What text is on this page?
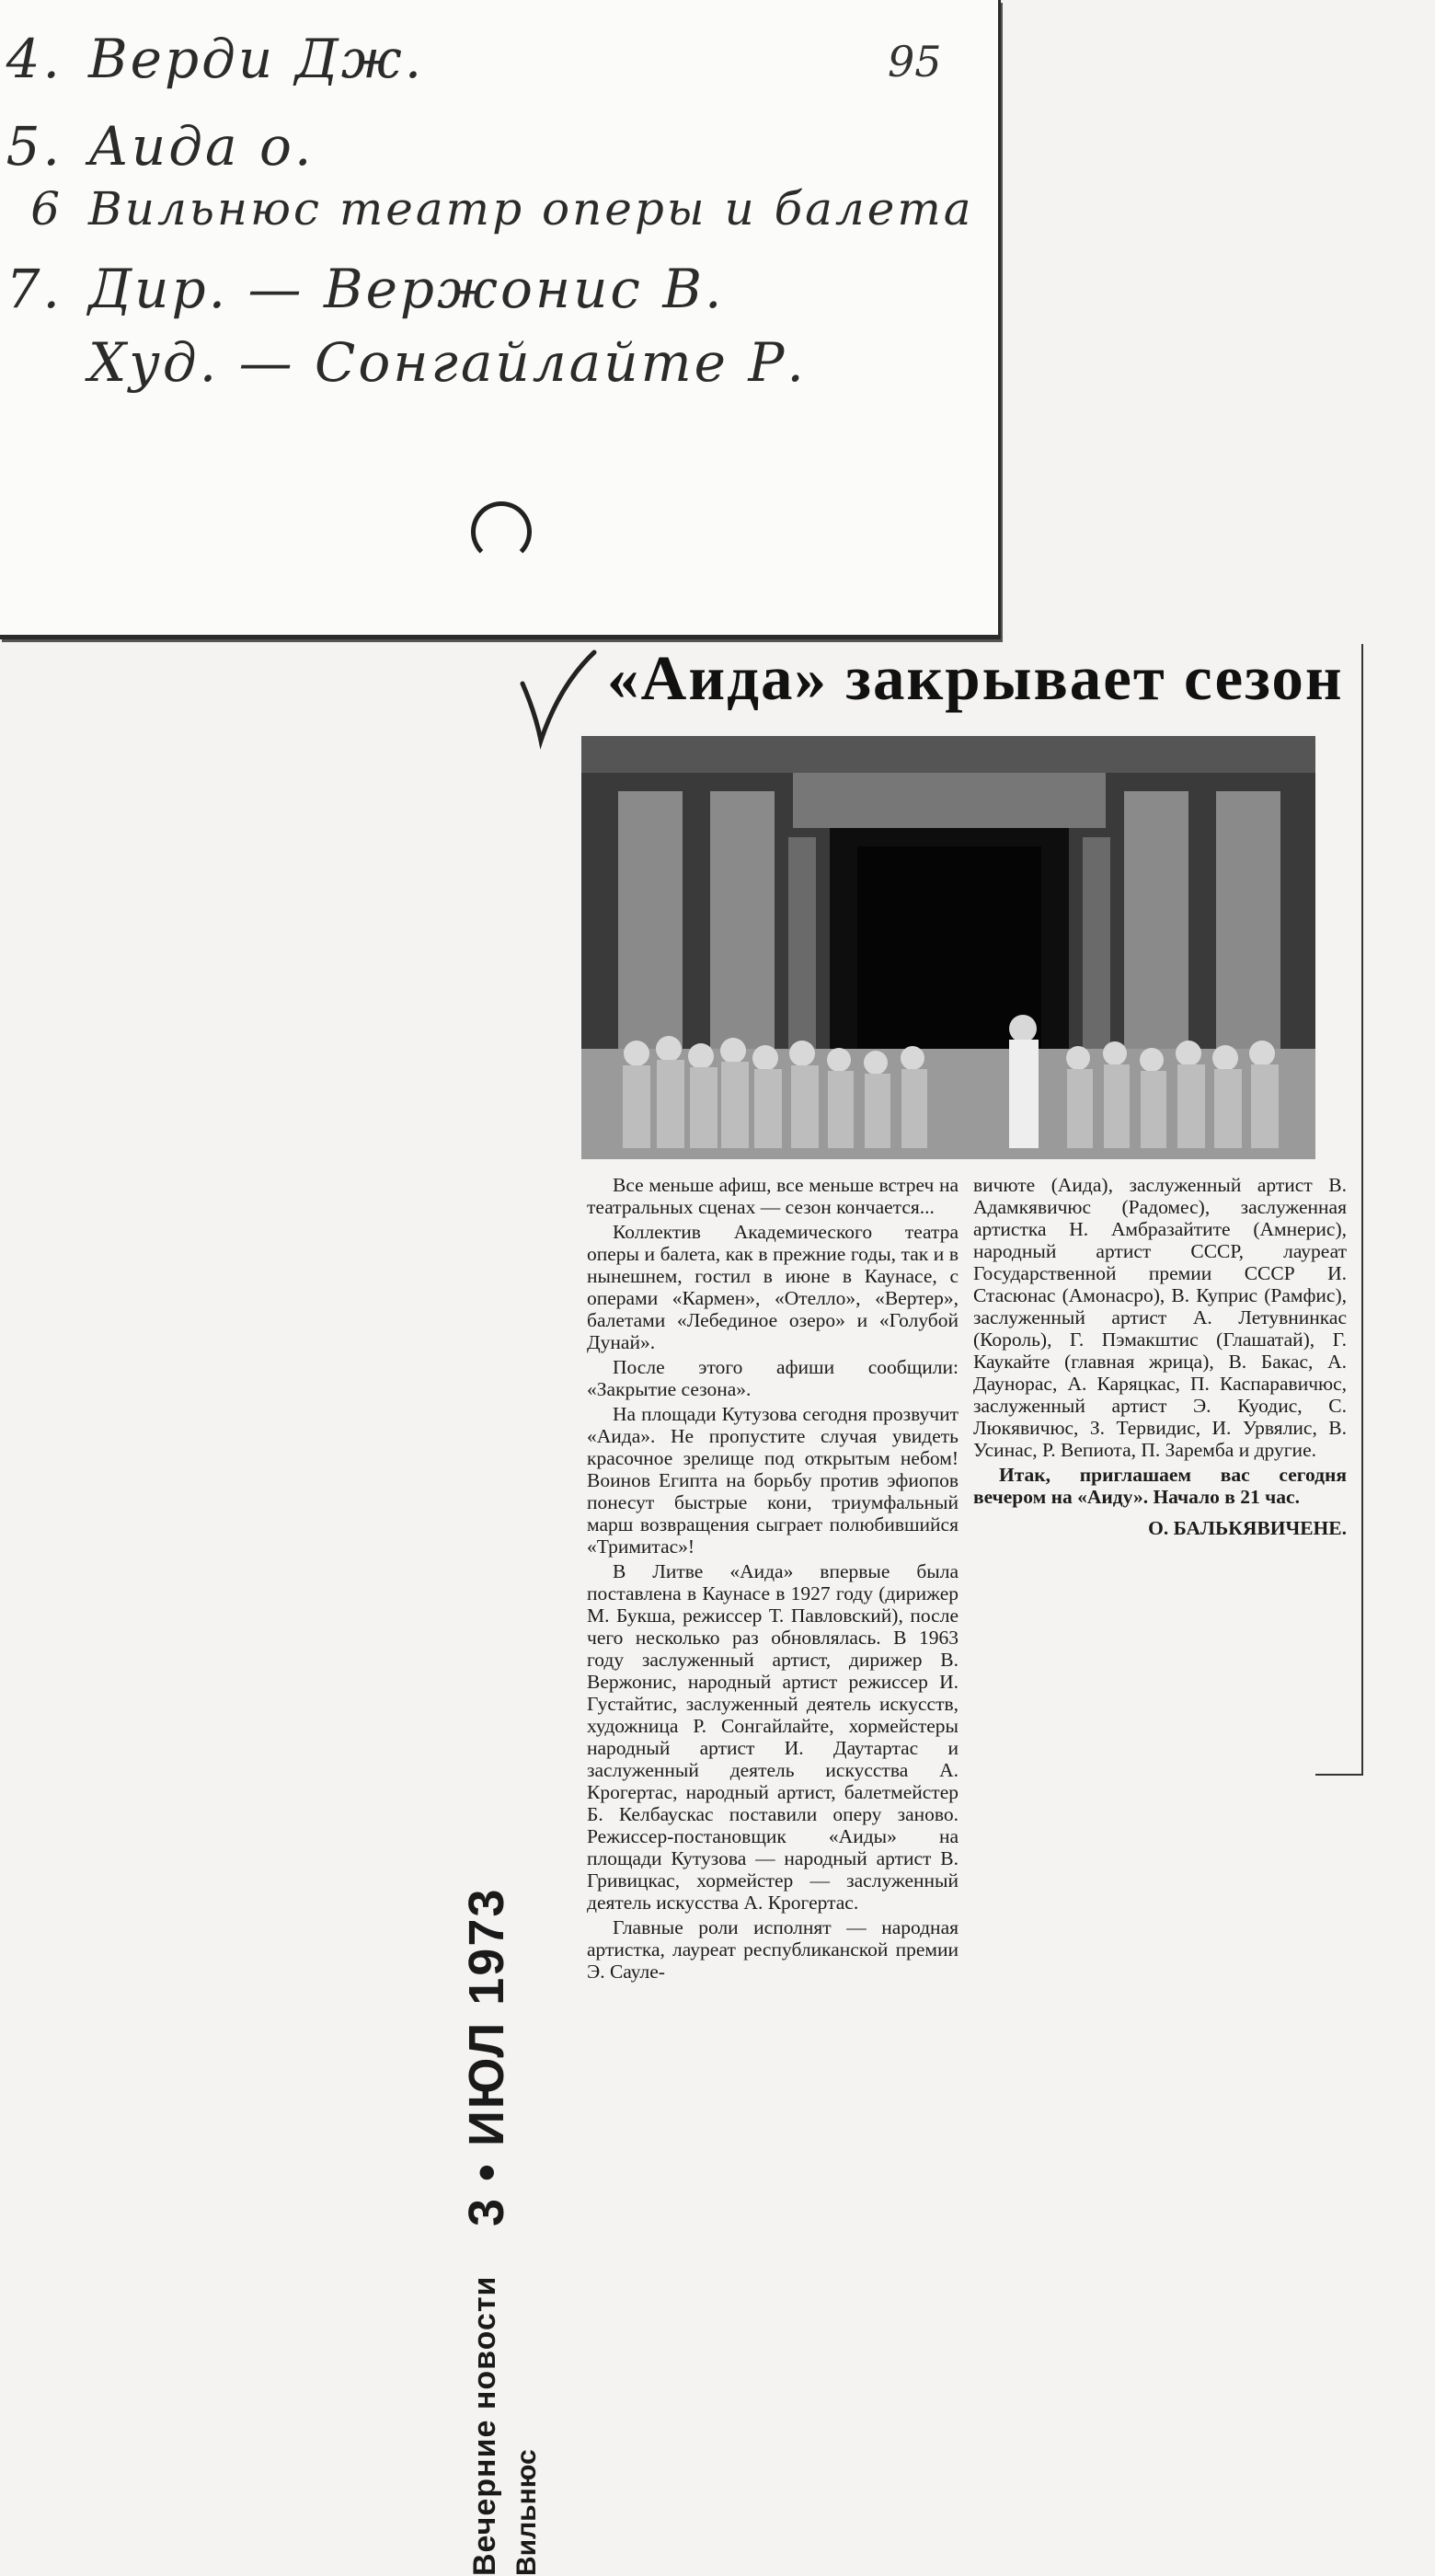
95
4. Верди Дж.
5. Аида о.
6 Вильнюс театр оперы и балета
7. Дир. — Вержонис В.
Худ. — Сонгайлайте Р.
«Аида» закрывает сезон

Все меньше афиш, все меньше встреч на театральных сценах — сезон кончается...

Коллектив Академического театра оперы и балета, как в прежние годы, так и в нынешнем, гостил в июне в Каунасе, с операми «Кармен», «Отелло», «Вертер», балетами «Лебединое озеро» и «Голубой Дунай».

После этого афиши сообщили: «Закрытие сезона».

На площади Кутузова сегодня прозвучит «Аида». Не пропустите случая увидеть красочное зрелище под открытым небом! Воинов Египта на борьбу против эфиопов понесут быстрые кони, триумфальный марш возвращения сыграет полюбившийся «Тримитас»!

В Литве «Аида» впервые была поставлена в Каунасе в 1927 году (дирижер М. Букша, режиссер Т. Павловский), после чего несколько раз обновлялась. В 1963 году заслуженный артист, дирижер В. Вержонис, народный артист режиссер И. Густайтис, заслуженный деятель искусств, художница Р. Сонгайлайте, хормейстеры народный артист И. Даутартас и заслуженный деятель искусства А. Крогертас, народный артист, балетмейстер Б. Келбаускас поставили оперу заново. Режиссер-постановщик «Аиды» на площади Кутузова — народный артист В. Гривицкас, хормейстер — заслуженный деятель искусства А. Крогертас.

Главные роли исполнят — народная артистка, лауреат республиканской премии Э. Сауле-

вичюте (Аида), заслуженный артист В. Адамкявичюс (Радомес), заслуженная артистка Н. Амбразайтите (Амнерис), народный артист СССР, лауреат Государственной премии СССР И. Стасюнас (Амонасро), В. Куприс (Рамфис), заслуженный артист А. Летувнинкас (Король), Г. Пэмакштис (Глашатай), Г. Каукайте (главная жрица), В. Бакас, А. Даунорас, А. Каряцкас, П. Каспаравичюс, заслуженный артист Э. Куодис, С. Люкявичюс, З. Тервидис, И. Урвялис, В. Усинас, Р. Вепиота, П. Заремба и другие.

Итак, приглашаем вас сегодня вечером на «Аиду». Начало в 21 час.

О. БАЛЬКЯВИЧЕНЕ.

Вечерние новости
3 • ИЮЛ 1973
Вильнюс
